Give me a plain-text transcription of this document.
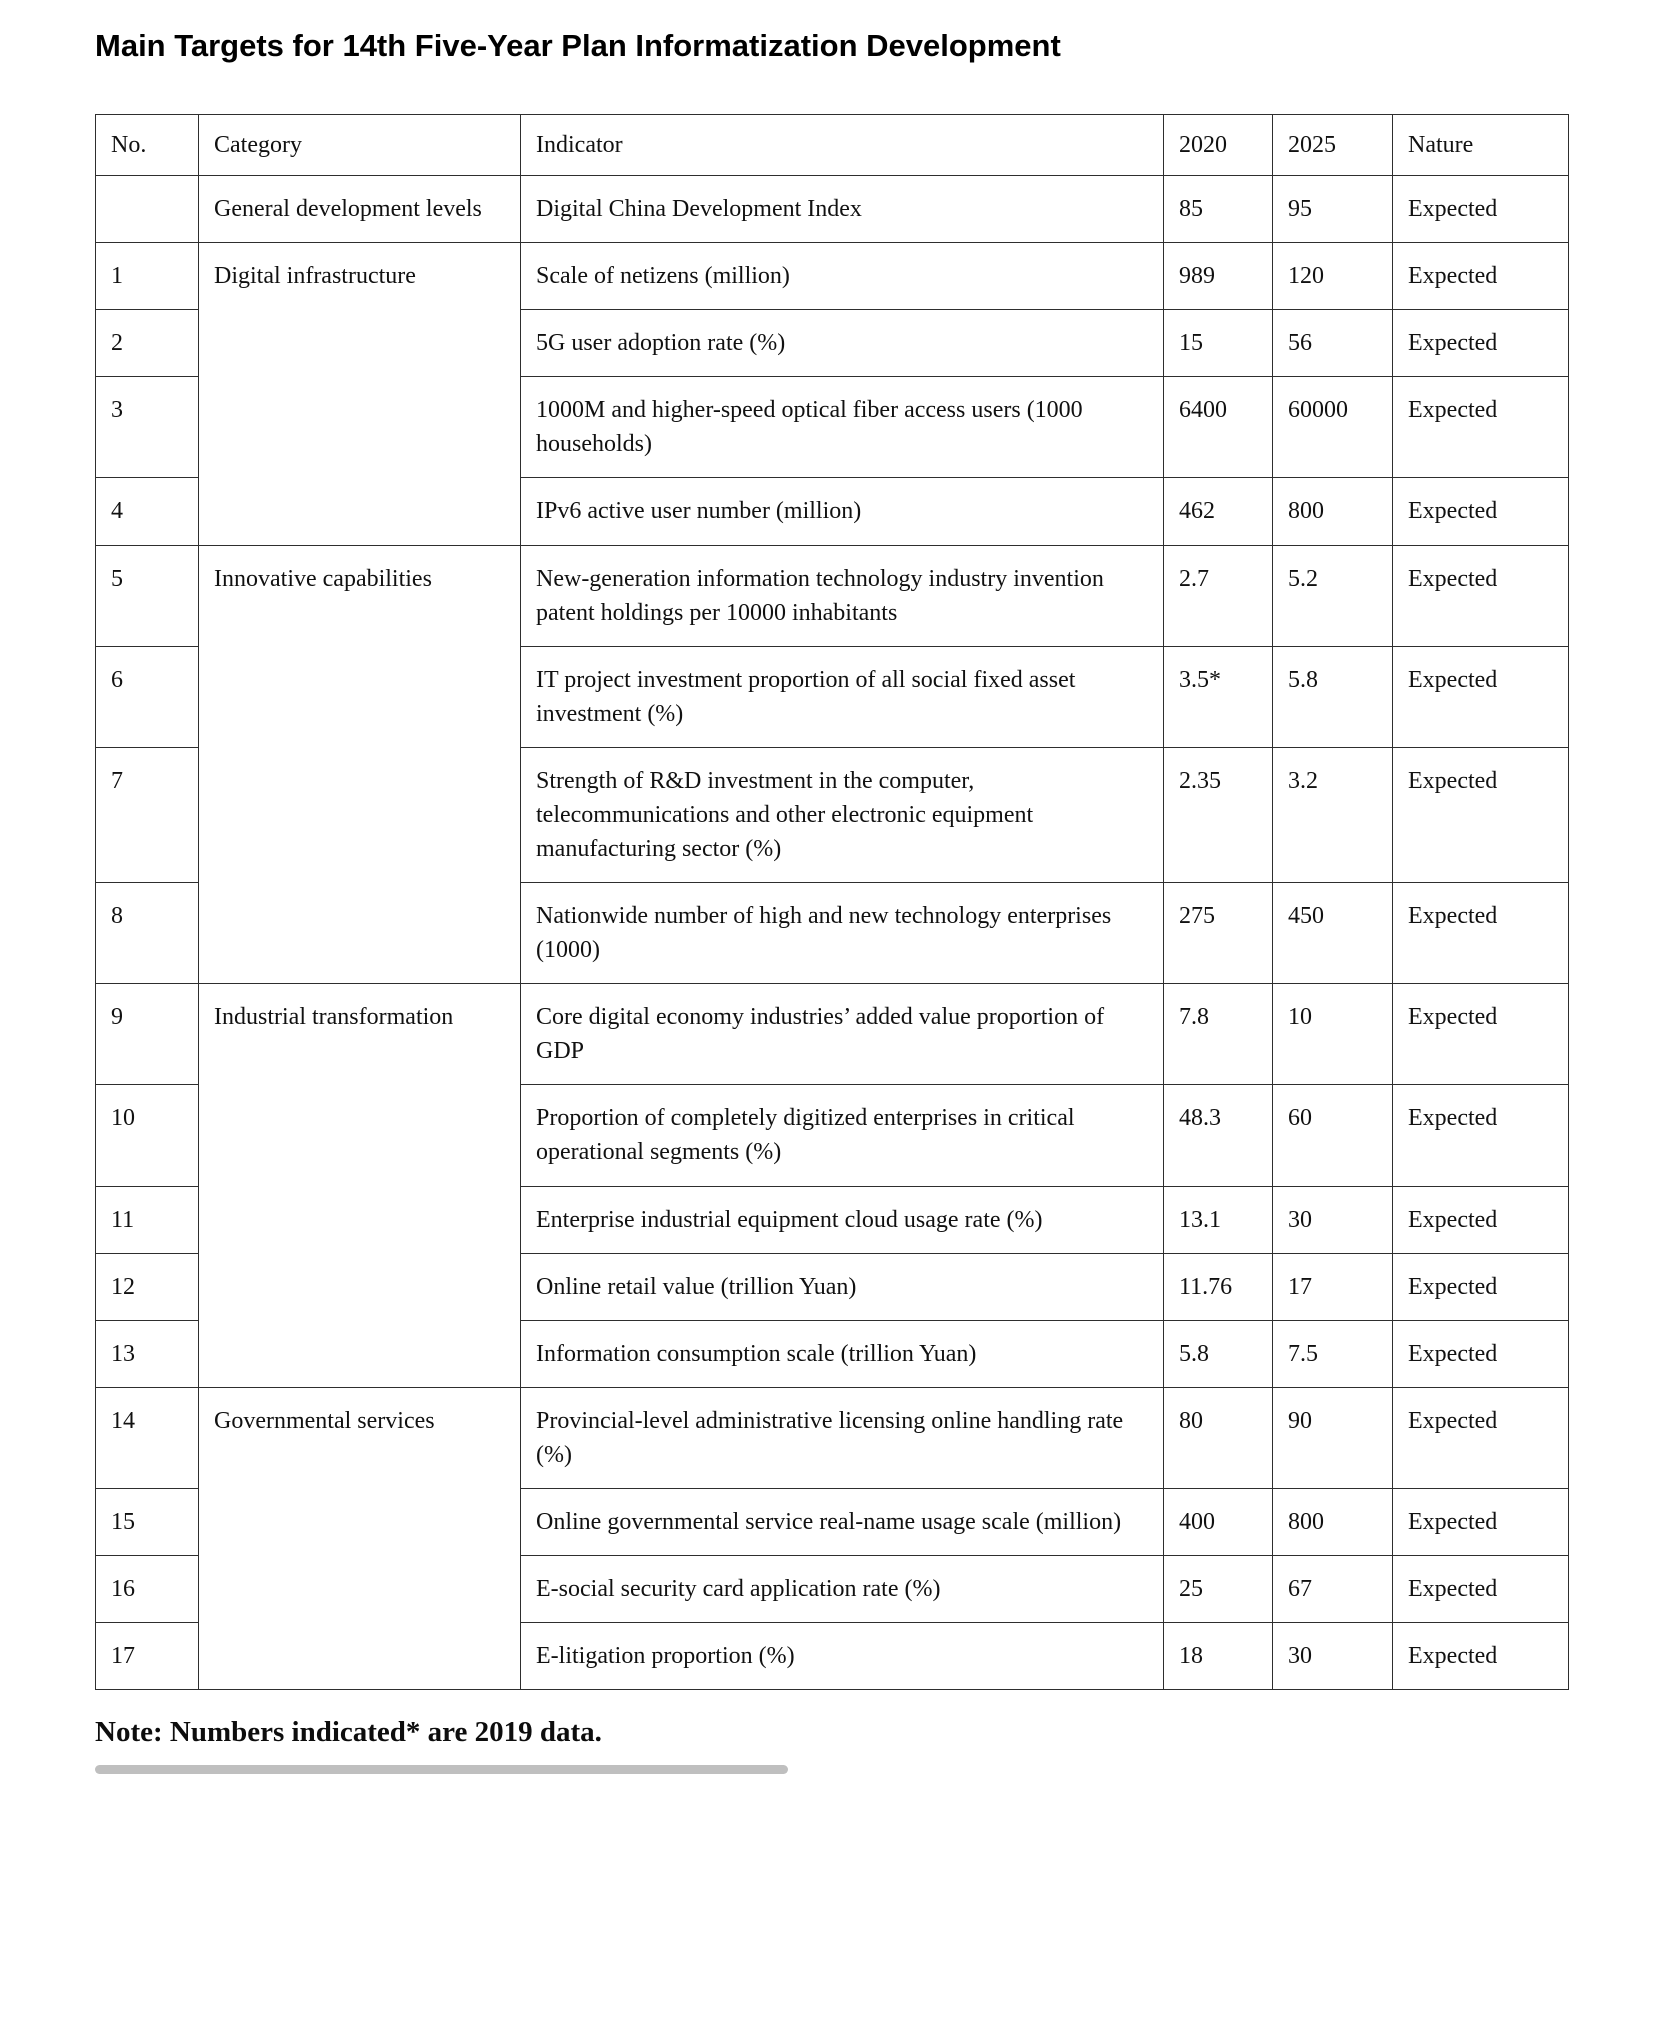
Main Targets for 14th Five-Year Plan Informatization Development
No.	Category	Indicator	2020	2025	Nature
	General development levels	Digital China Development Index	85	95	Expected
1	Digital infrastructure	Scale of netizens (million)	989	120	Expected
2		5G user adoption rate (%)	15	56	Expected
3		1000M and higher-speed optical fiber access users (1000 households)	6400	60000	Expected
4		IPv6 active user number (million)	462	800	Expected
5	Innovative capabilities	New-generation information technology industry invention patent holdings per 10000 inhabitants	2.7	5.2	Expected
6		IT project investment proportion of all social fixed asset investment (%)	3.5*	5.8	Expected
7		Strength of R&D investment in the computer, telecommunications and other electronic equipment manufacturing sector (%)	2.35	3.2	Expected
8		Nationwide number of high and new technology enterprises (1000)	275	450	Expected
9	Industrial transformation	Core digital economy industries’ added value proportion of GDP	7.8	10	Expected
10		Proportion of completely digitized enterprises in critical operational segments (%)	48.3	60	Expected
11		Enterprise industrial equipment cloud usage rate (%)	13.1	30	Expected
12		Online retail value (trillion Yuan)	11.76	17	Expected
13		Information consumption scale (trillion Yuan)	5.8	7.5	Expected
14	Governmental services	Provincial-level administrative licensing online handling rate (%)	80	90	Expected
15		Online governmental service real-name usage scale (million)	400	800	Expected
16		E-social security card application rate (%)	25	67	Expected
17		E-litigation proportion (%)	18	30	Expected

Note: Numbers indicated* are 2019 data.
